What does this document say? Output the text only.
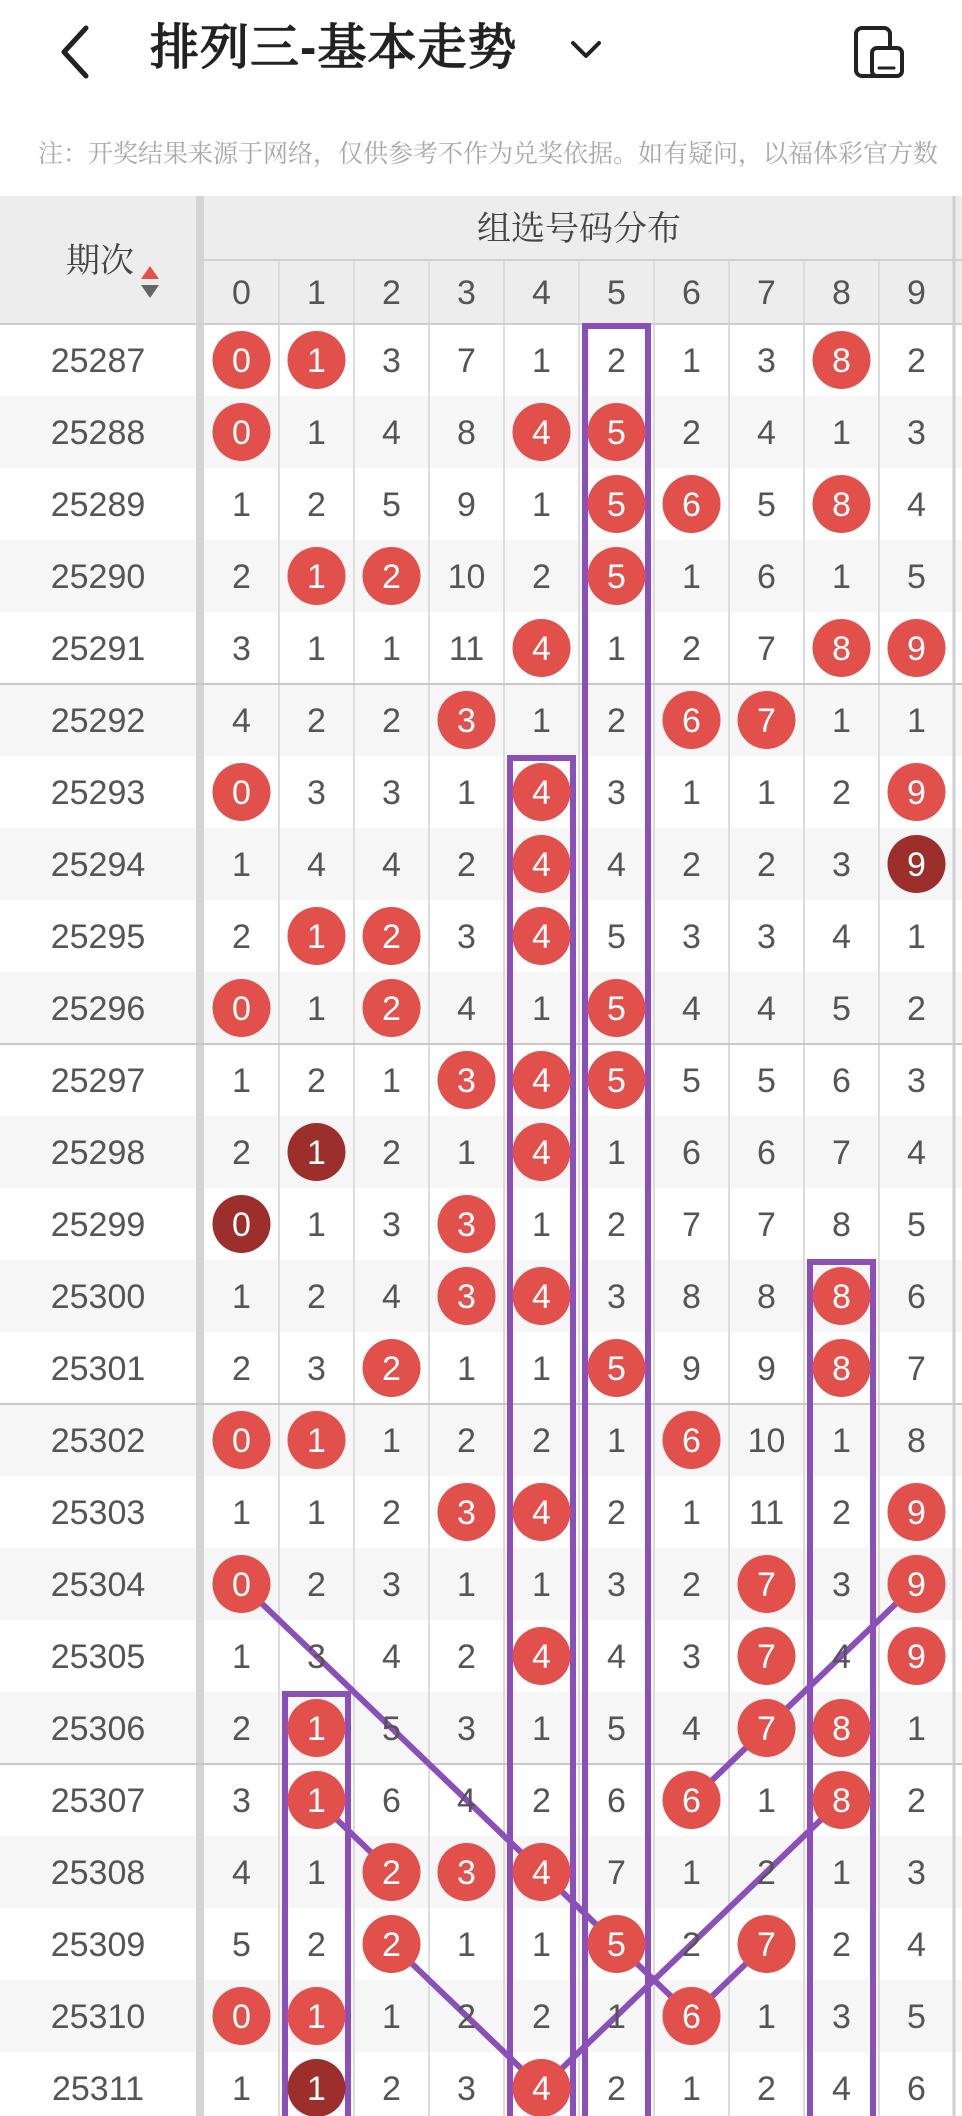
排列三-基本走势
注：开奖结果来源于网络，仅供参考不作为兑奖依据。如有疑问，以福体彩官方数
25287	0 1 3 7 1 2 1 3 8 2
25288	0 1 4 8 4 5 2 4 1 3
25289	1 2 5 9 1 5 6 5 8 4
25290	2 1 2 10 2 5 1 6 1 5
25291	3 1 1 11 4 1 2 7 8 9
25292	4 2 2 3 1 2 6 7 1 1
25293	0 3 3 1 4 3 1 1 2 9
25294	1 4 4 2 4 4 2 2 3 9
25295	2 1 2 3 4 5 3 3 4 1
25296	0 1 2 4 1 5 4 4 5 2
25297	1 2 1 3 4 5 5 5 6 3
25298	2 1 2 1 4 1 6 6 7 4
25299	0 1 3 3 1 2 7 7 8 5
25300	1 2 4 3 4 3 8 8 8 6
25301	2 3 2 1 1 5 9 9 8 7
25302	0 1 1 2 2 1 6 10 1 8
25303	1 1 2 3 4 2 1 11 2 9
25304	0 2 3 1 1 3 2 7 3 9
25305	1 3 4 2 4 4 3 7 4 9
25306	2 1 5 3 1 5 4 7 8 1
25307	3 1 6 4 2 6 6 1 8 2
25308	4 1 2 3 4 7 1 2 1 3
25309	5 2 2 1 1 5 2 7 2 4
25310	0 1 1 2 2 1 6 1 3 5
25311	1 1 2 3 4 2 1 2 4 6
期次
组选号码分布
0 1 2 3 4 5 6 7 8 9
